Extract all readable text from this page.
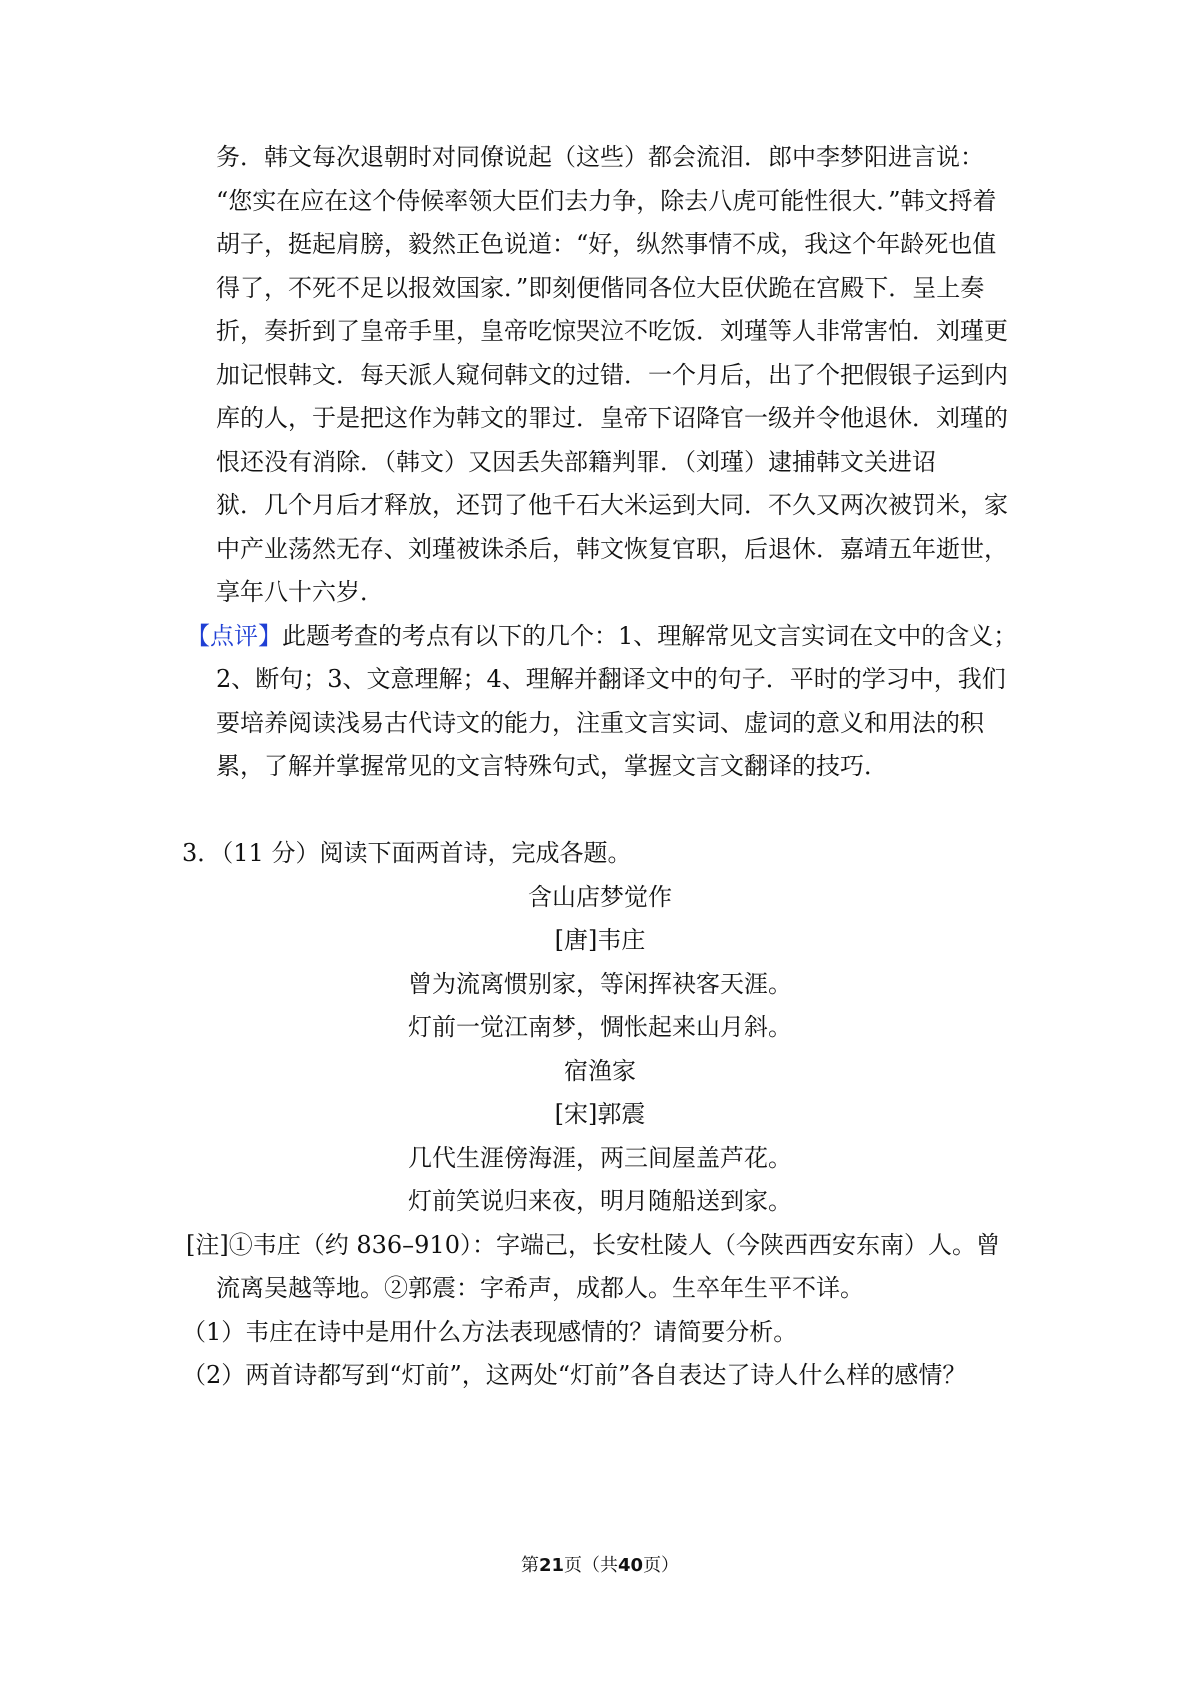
务．韩文每次退朝时对同僚说起（这些）都会流泪．郎中李梦阳进言说：
“您实在应在这个侍候率领大臣们去力争，除去八虎可能性很大．”韩文捋着
胡子，挺起肩膀，毅然正色说道：“好，纵然事情不成，我这个年龄死也值
得了，不死不足以报效国家．”即刻便偕同各位大臣伏跪在宫殿下．呈上奏
折，奏折到了皇帝手里，皇帝吃惊哭泣不吃饭．刘瑾等人非常害怕．刘瑾更
加记恨韩文．每天派人窥伺韩文的过错．一个月后，出了个把假银子运到内
库的人，于是把这作为韩文的罪过．皇帝下诏降官一级并令他退休．刘瑾的
恨还没有消除．（韩文）又因丢失部籍判罪．（刘瑾）逮捕韩文关进诏
狱．几个月后才释放，还罚了他千石大米运到大同．不久又两次被罚米，家
中产业荡然无存、刘瑾被诛杀后，韩文恢复官职，后退休．嘉靖五年逝世，
享年八十六岁．
【点评】此题考查的考点有以下的几个：1、理解常见文言实词在文中的含义；
2、断句；3、文意理解；4、理解并翻译文中的句子．平时的学习中，我们
要培养阅读浅易古代诗文的能力，注重文言实词、虚词的意义和用法的积
累，了解并掌握常见的文言特殊句式，掌握文言文翻译的技巧．
3．（11 分）阅读下面两首诗，完成各题。
含山店梦觉作
[唐]韦庄
曾为流离惯别家，等闲挥袂客天涯。
灯前一觉江南梦，惆怅起来山月斜。
宿渔家
[宋]郭震
几代生涯傍海涯，两三间屋盖芦花。
灯前笑说归来夜，明月随船送到家。
[注]①韦庄（约 836–910）：字端己，长安杜陵人（今陕西西安东南）人。曾
流离吴越等地。②郭震：字希声，成都人。生卒年生平不详。
（1）韦庄在诗中是用什么方法表现感情的？请简要分析。
（2）两首诗都写到“灯前”，这两处“灯前”各自表达了诗人什么样的感情？
第21页（共40页）
